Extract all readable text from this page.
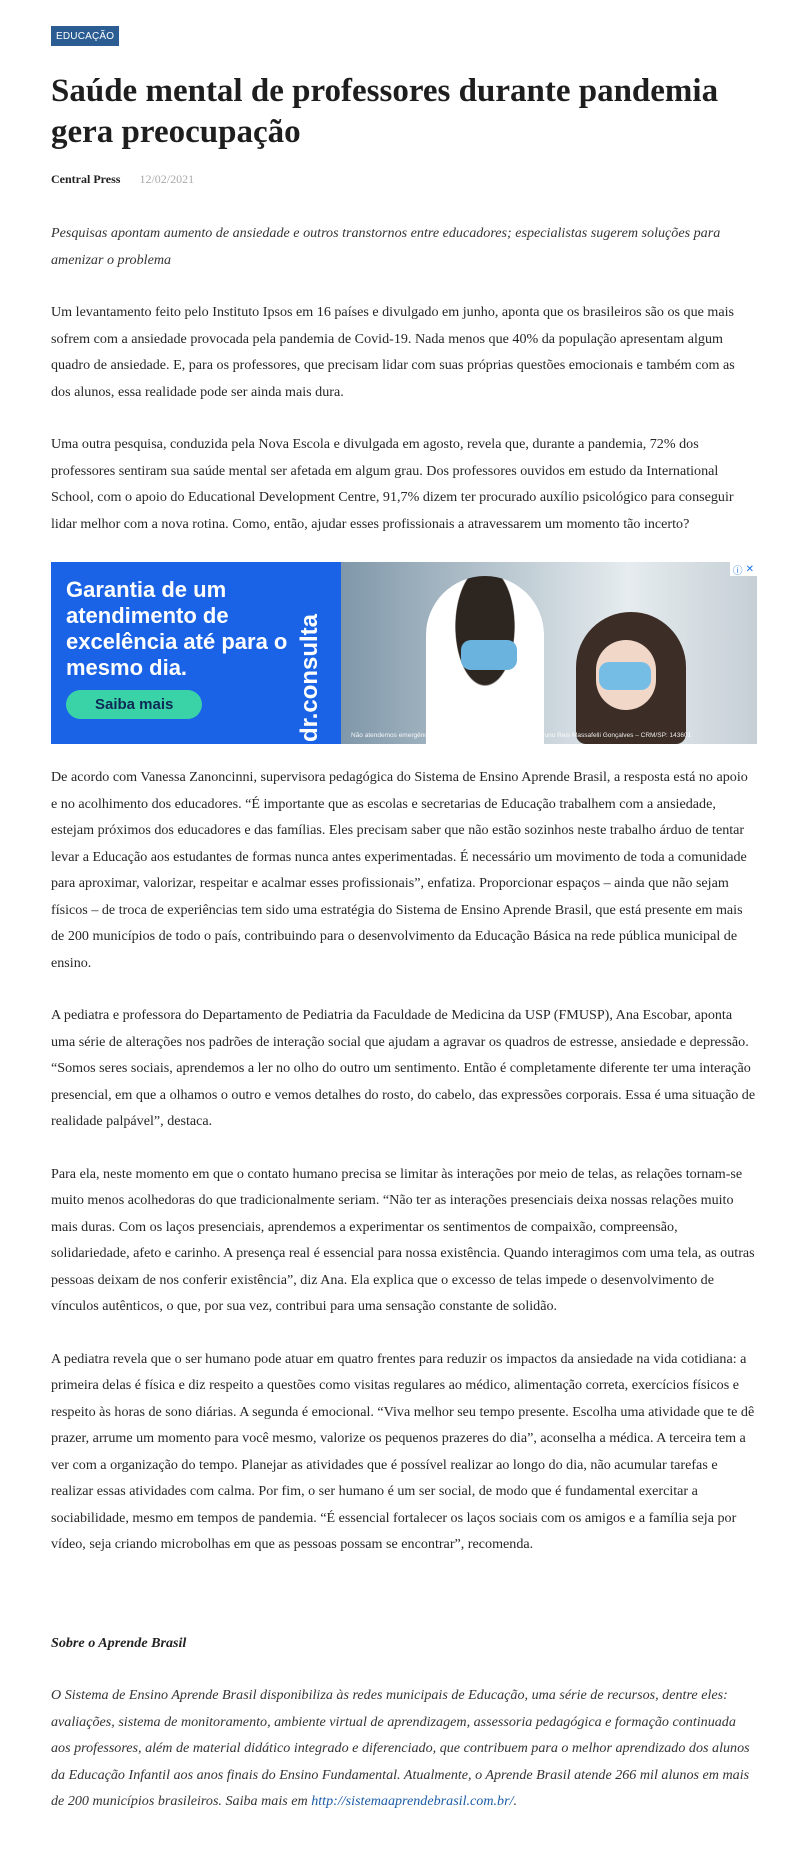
EDUCAÇÃO
Saúde mental de professores durante pandemia gera preocupação
Central Press 12/02/2021
Pesquisas apontam aumento de ansiedade e outros transtornos entre educadores; especialistas sugerem soluções para amenizar o problema

Um levantamento feito pelo Instituto Ipsos em 16 países e divulgado em junho, aponta que os brasileiros são os que mais sofrem com a ansiedade provocada pela pandemia de Covid-19. Nada menos que 40% da população apresentam algum quadro de ansiedade. E, para os professores, que precisam lidar com suas próprias questões emocionais e também com as dos alunos, essa realidade pode ser ainda mais dura.

Uma outra pesquisa, conduzida pela Nova Escola e divulgada em agosto, revela que, durante a pandemia, 72% dos professores sentiram sua saúde mental ser afetada em algum grau. Dos professores ouvidos em estudo da International School, com o apoio do Educational Development Centre, 91,7% dizem ter procurado auxílio psicológico para conseguir lidar melhor com a nova rotina. Como, então, ajudar esses profissionais a atravessarem um momento tão incerto?

Garantia de um atendimento de excelência até para o mesmo dia.
Saiba mais	dr.consulta	Não atendemos emergências. Responsável Técnico Médico: Dr. Bruno Reis Massafelli Gonçalves – CRM/SP: 143601
ⓘ ✕

De acordo com Vanessa Zanoncinni, supervisora pedagógica do Sistema de Ensino Aprende Brasil, a resposta está no apoio e no acolhimento dos educadores. “É importante que as escolas e secretarias de Educação trabalhem com a ansiedade, estejam próximos dos educadores e das famílias. Eles precisam saber que não estão sozinhos neste trabalho árduo de tentar levar a Educação aos estudantes de formas nunca antes experimentadas. É necessário um movimento de toda a comunidade para aproximar, valorizar, respeitar e acalmar esses profissionais”, enfatiza. Proporcionar espaços – ainda que não sejam físicos – de troca de experiências tem sido uma estratégia do Sistema de Ensino Aprende Brasil, que está presente em mais de 200 municípios de todo o país, contribuindo para o desenvolvimento da Educação Básica na rede pública municipal de ensino.

A pediatra e professora do Departamento de Pediatria da Faculdade de Medicina da USP (FMUSP), Ana Escobar, aponta uma série de alterações nos padrões de interação social que ajudam a agravar os quadros de estresse, ansiedade e depressão. “Somos seres sociais, aprendemos a ler no olho do outro um sentimento. Então é completamente diferente ter uma interação presencial, em que a olhamos o outro e vemos detalhes do rosto, do cabelo, das expressões corporais. Essa é uma situação de realidade palpável”, destaca.

Para ela, neste momento em que o contato humano precisa se limitar às interações por meio de telas, as relações tornam-se muito menos acolhedoras do que tradicionalmente seriam. “Não ter as interações presenciais deixa nossas relações muito mais duras. Com os laços presenciais, aprendemos a experimentar os sentimentos de compaixão, compreensão, solidariedade, afeto e carinho. A presença real é essencial para nossa existência. Quando interagimos com uma tela, as outras pessoas deixam de nos conferir existência”, diz Ana. Ela explica que o excesso de telas impede o desenvolvimento de vínculos autênticos, o que, por sua vez, contribui para uma sensação constante de solidão.

A pediatra revela que o ser humano pode atuar em quatro frentes para reduzir os impactos da ansiedade na vida cotidiana: a primeira delas é física e diz respeito a questões como visitas regulares ao médico, alimentação correta, exercícios físicos e respeito às horas de sono diárias. A segunda é emocional. “Viva melhor seu tempo presente. Escolha uma atividade que te dê prazer, arrume um momento para você mesmo, valorize os pequenos prazeres do dia”, aconselha a médica. A terceira tem a ver com a organização do tempo. Planejar as atividades que é possível realizar ao longo do dia, não acumular tarefas e realizar essas atividades com calma. Por fim, o ser humano é um ser social, de modo que é fundamental exercitar a sociabilidade, mesmo em tempos de pandemia. “É essencial fortalecer os laços sociais com os amigos e a família seja por vídeo, seja criando microbolhas em que as pessoas possam se encontrar”, recomenda.

Sobre o Aprende Brasil

O Sistema de Ensino Aprende Brasil disponibiliza às redes municipais de Educação, uma série de recursos, dentre eles: avaliações, sistema de monitoramento, ambiente virtual de aprendizagem, assessoria pedagógica e formação continuada aos professores, além de material didático integrado e diferenciado, que contribuem para o melhor aprendizado dos alunos da Educação Infantil aos anos finais do Ensino Fundamental. Atualmente, o Aprende Brasil atende 266 mil alunos em mais de 200 municípios brasileiros. Saiba mais em http://sistemaaprendebrasil.com.br/.
